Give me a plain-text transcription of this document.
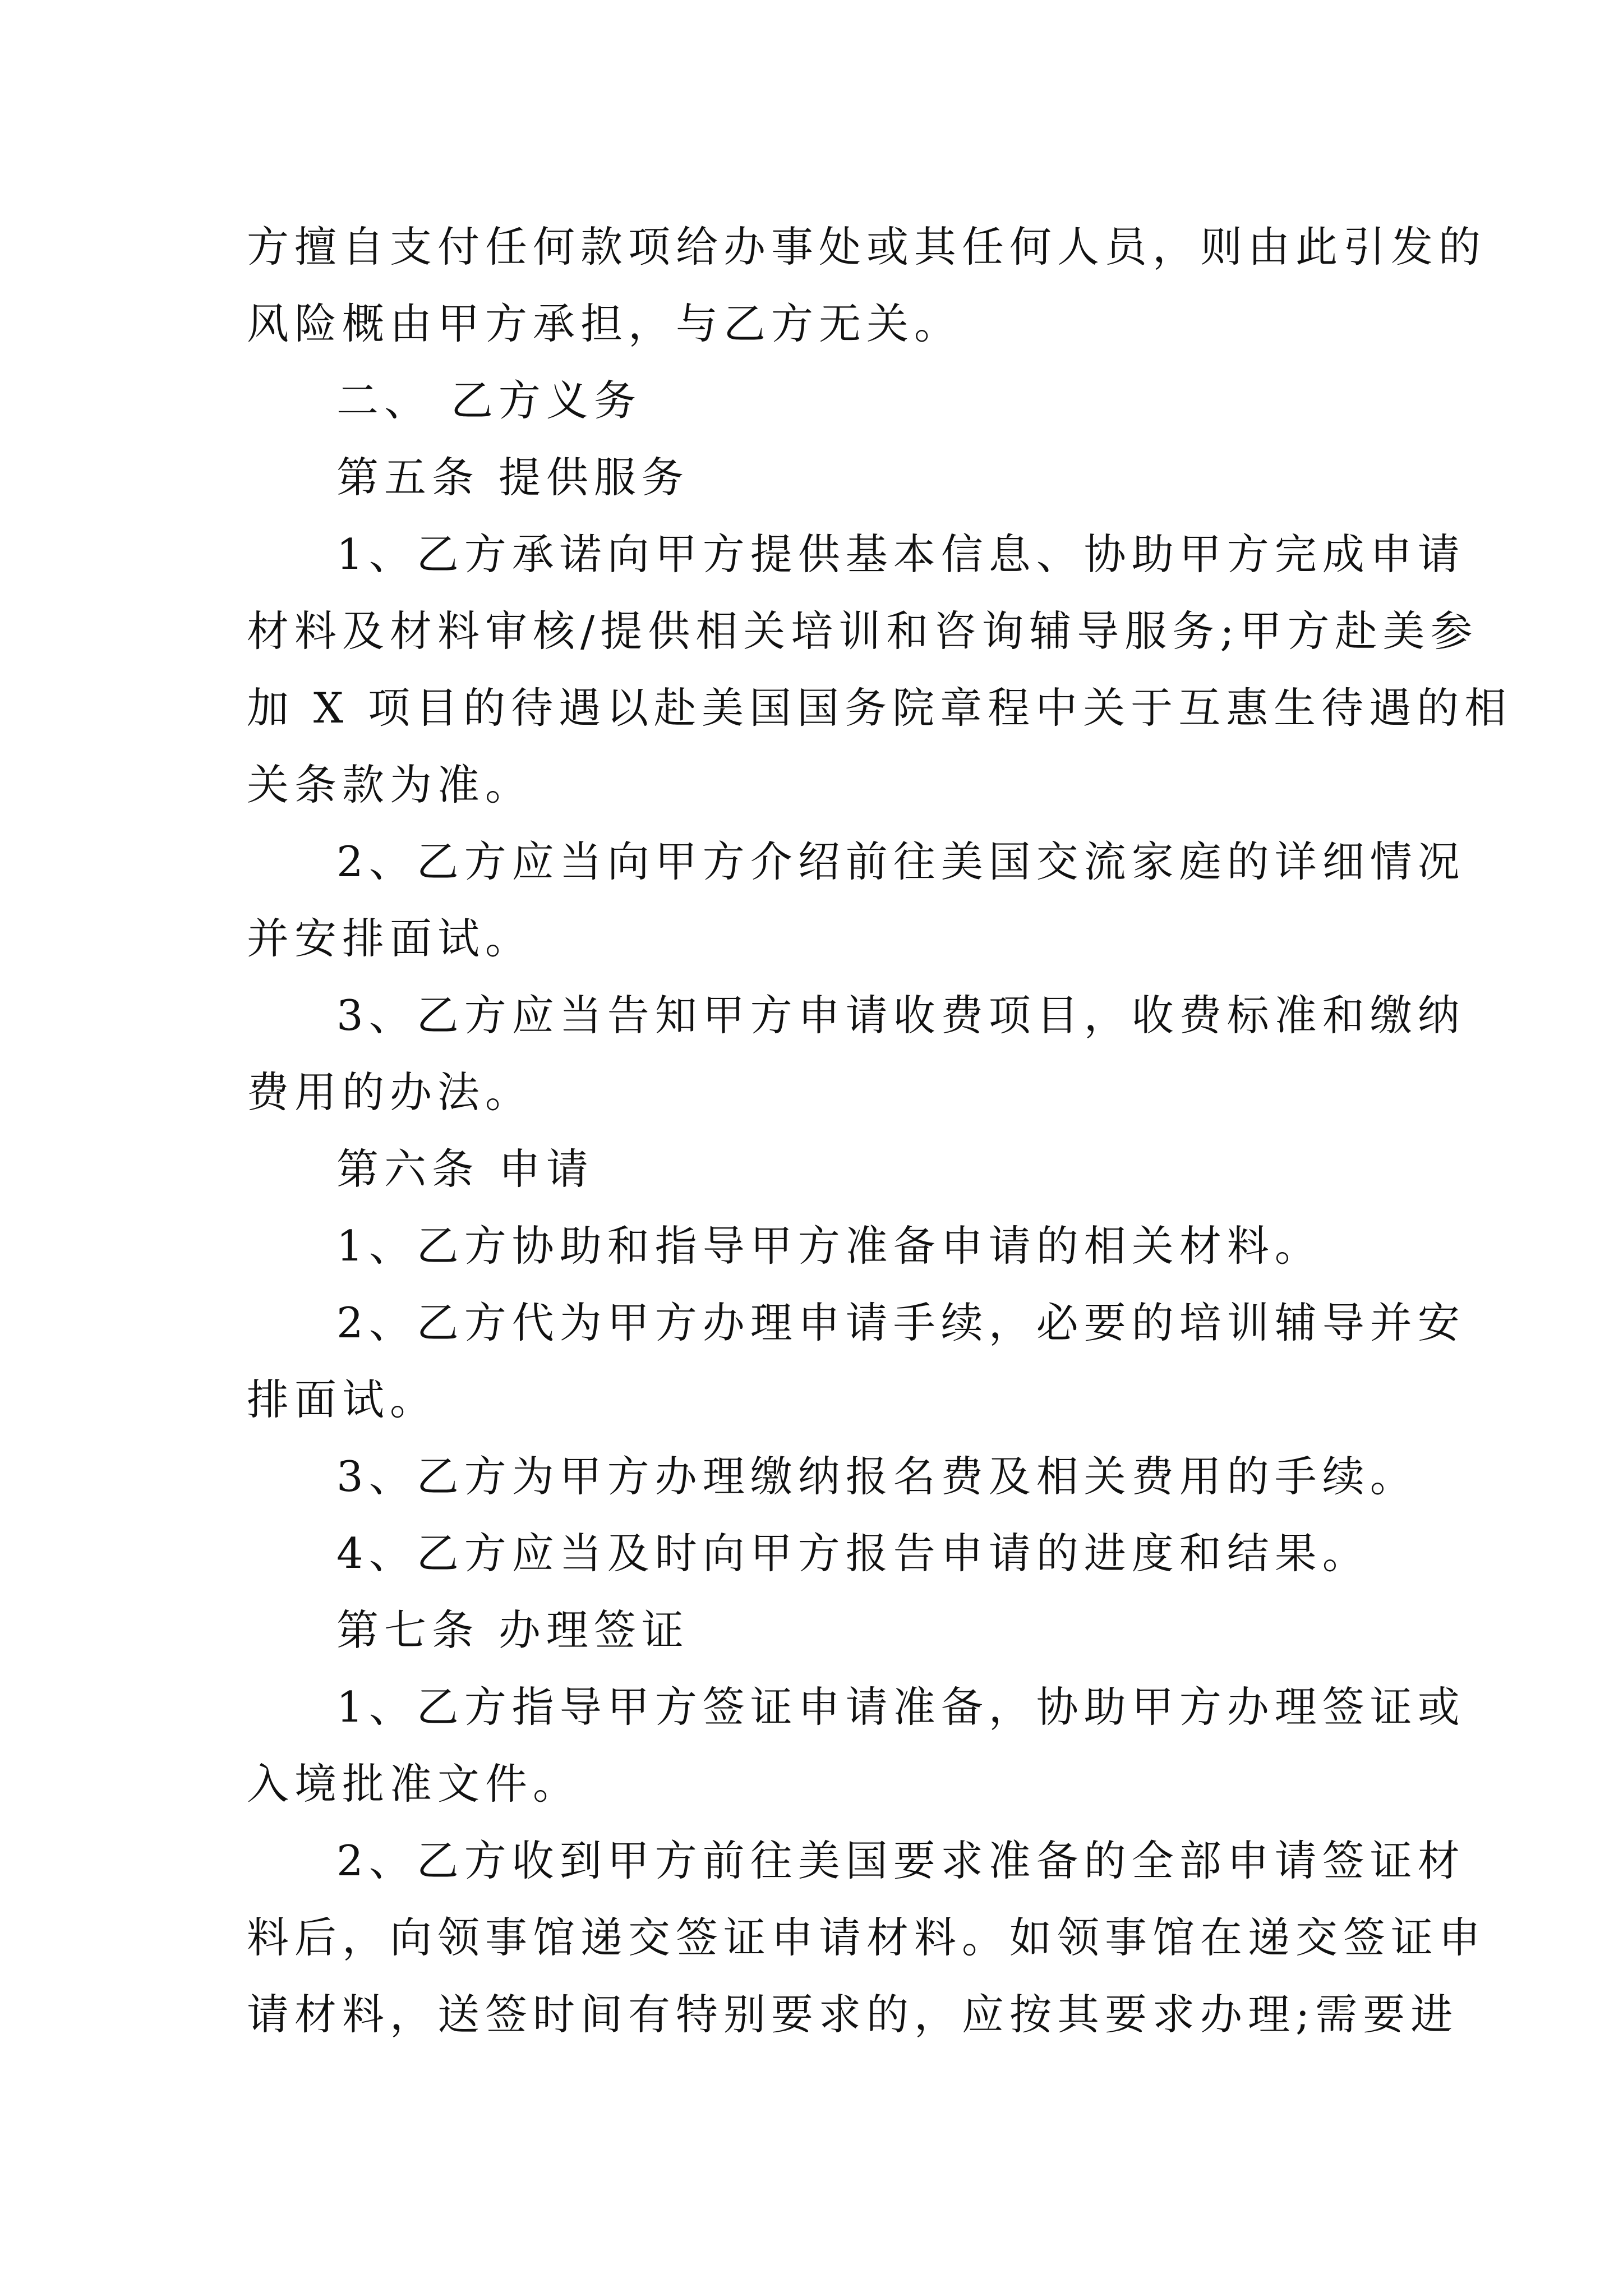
方擅自支付任何款项给办事处或其任何人员，则由此引发的
风险概由甲方承担，与乙方无关。
二、 乙方义务
第五条 提供服务
1、乙方承诺向甲方提供基本信息、协助甲方完成申请
材料及材料审核/提供相关培训和咨询辅导服务;甲方赴美参
加 X 项目的待遇以赴美国国务院章程中关于互惠生待遇的相
关条款为准。
2、乙方应当向甲方介绍前往美国交流家庭的详细情况
并安排面试。
3、乙方应当告知甲方申请收费项目，收费标准和缴纳
费用的办法。
第六条 申请
1、乙方协助和指导甲方准备申请的相关材料。
2、乙方代为甲方办理申请手续，必要的培训辅导并安
排面试。
3、乙方为甲方办理缴纳报名费及相关费用的手续。
4、乙方应当及时向甲方报告申请的进度和结果。
第七条 办理签证
1、乙方指导甲方签证申请准备，协助甲方办理签证或
入境批准文件。
2、乙方收到甲方前往美国要求准备的全部申请签证材
料后，向领事馆递交签证申请材料。如领事馆在递交签证申
请材料，送签时间有特别要求的，应按其要求办理;需要进
